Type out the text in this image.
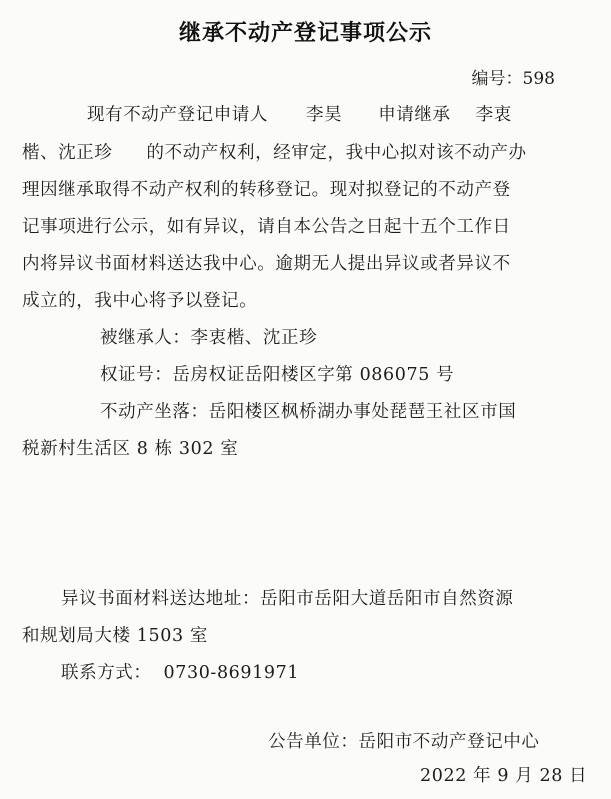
继承不动产登记事项公示
编号：598
现有不动产登记申请人 李昊 申请继承 李衷
楷、沈正珍 的不动产权利，经审定，我中心拟对该不动产办
理因继承取得不动产权利的转移登记。现对拟登记的不动产登
记事项进行公示，如有异议，请自本公告之日起十五个工作日
内将异议书面材料送达我中心。逾期无人提出异议或者异议不
成立的，我中心将予以登记。
被继承人：李衷楷、沈正珍
权证号：岳房权证岳阳楼区字第 086075 号
不动产坐落：岳阳楼区枫桥湖办事处琵琶王社区市国
税新村生活区 8 栋 302 室
异议书面材料送达地址：岳阳市岳阳大道岳阳市自然资源
和规划局大楼 1503 室
联系方式： 0730-8691971
公告单位：岳阳市不动产登记中心
2022 年 9 月 28 日
